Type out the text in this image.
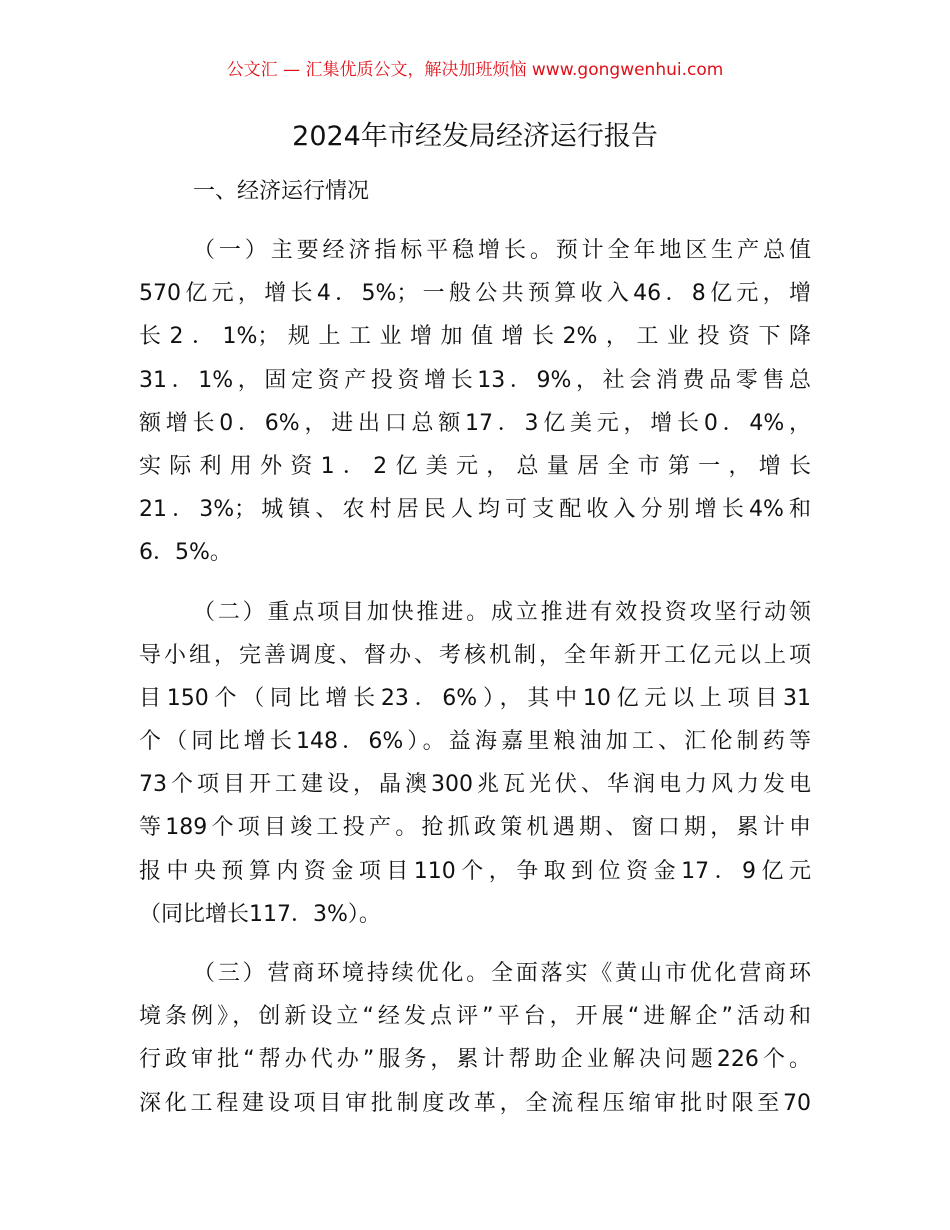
公文汇 — 汇集优质公文，解决加班烦恼 www.gongwenhui.com
2024年市经发局经济运行报告
一、经济运行情况
（一）主要经济指标平稳增长。预计全年地区生产总值
570亿元，增长4．5%；一般公共预算收入46．8亿元，增
长2．1%；规上工业增加值增长2%，工业投资下降
31．1%，固定资产投资增长13．9%，社会消费品零售总
额增长0．6%，进出口总额17．3亿美元，增长0．4%，
实际利用外资1．2亿美元，总量居全市第一，增长
21．3%；城镇、农村居民人均可支配收入分别增长4%和
6．5%。
（二）重点项目加快推进。成立推进有效投资攻坚行动领
导小组，完善调度、督办、考核机制，全年新开工亿元以上项
目150个（同比增长23．6%），其中10亿元以上项目31
个（同比增长148．6%）。益海嘉里粮油加工、汇伦制药等
73个项目开工建设，晶澳300兆瓦光伏、华润电力风力发电
等189个项目竣工投产。抢抓政策机遇期、窗口期，累计申
报中央预算内资金项目110个，争取到位资金17．9亿元
（同比增长117．3%）。
（三）营商环境持续优化。全面落实《黄山市优化营商环
境条例》，创新设立“经发点评”平台，开展“进解企”活动和
行政审批“帮办代办”服务，累计帮助企业解决问题226个。
深化工程建设项目审批制度改革，全流程压缩审批时限至70
